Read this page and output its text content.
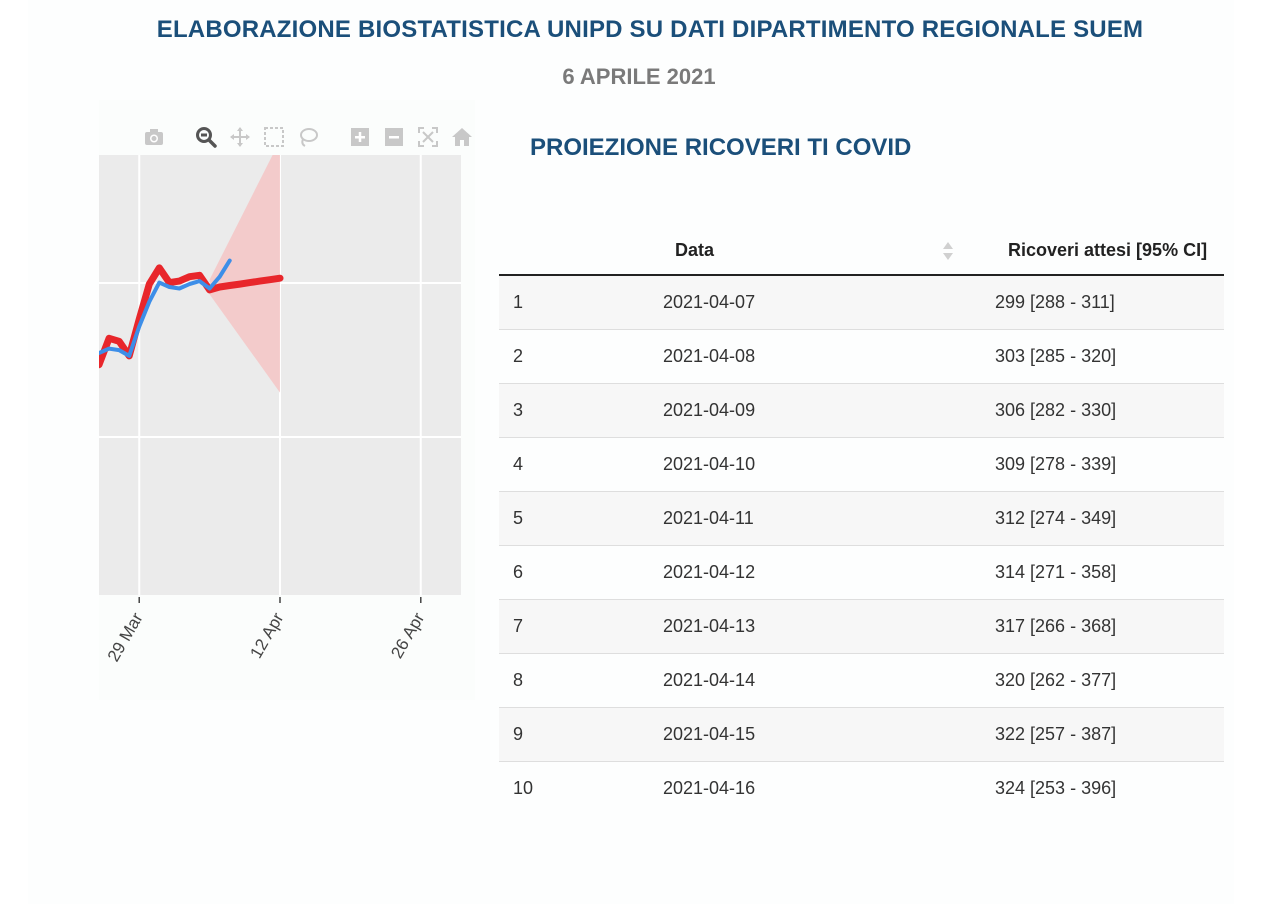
ELABORAZIONE BIOSTATISTICA UNIPD SU DATI DIPARTIMENTO REGIONALE SUEM
6 APRILE 2021
29 Mar	12 Apr	26 Apr
PROIEZIONE RICOVERI TI COVID
	Data	Ricoveri attesi [95% CI]
1	2021-04-07	299 [288 - 311]
2	2021-04-08	303 [285 - 320]
3	2021-04-09	306 [282 - 330]
4	2021-04-10	309 [278 - 339]
5	2021-04-11	312 [274 - 349]
6	2021-04-12	314 [271 - 358]
7	2021-04-13	317 [266 - 368]
8	2021-04-14	320 [262 - 377]
9	2021-04-15	322 [257 - 387]
10	2021-04-16	324 [253 - 396]
